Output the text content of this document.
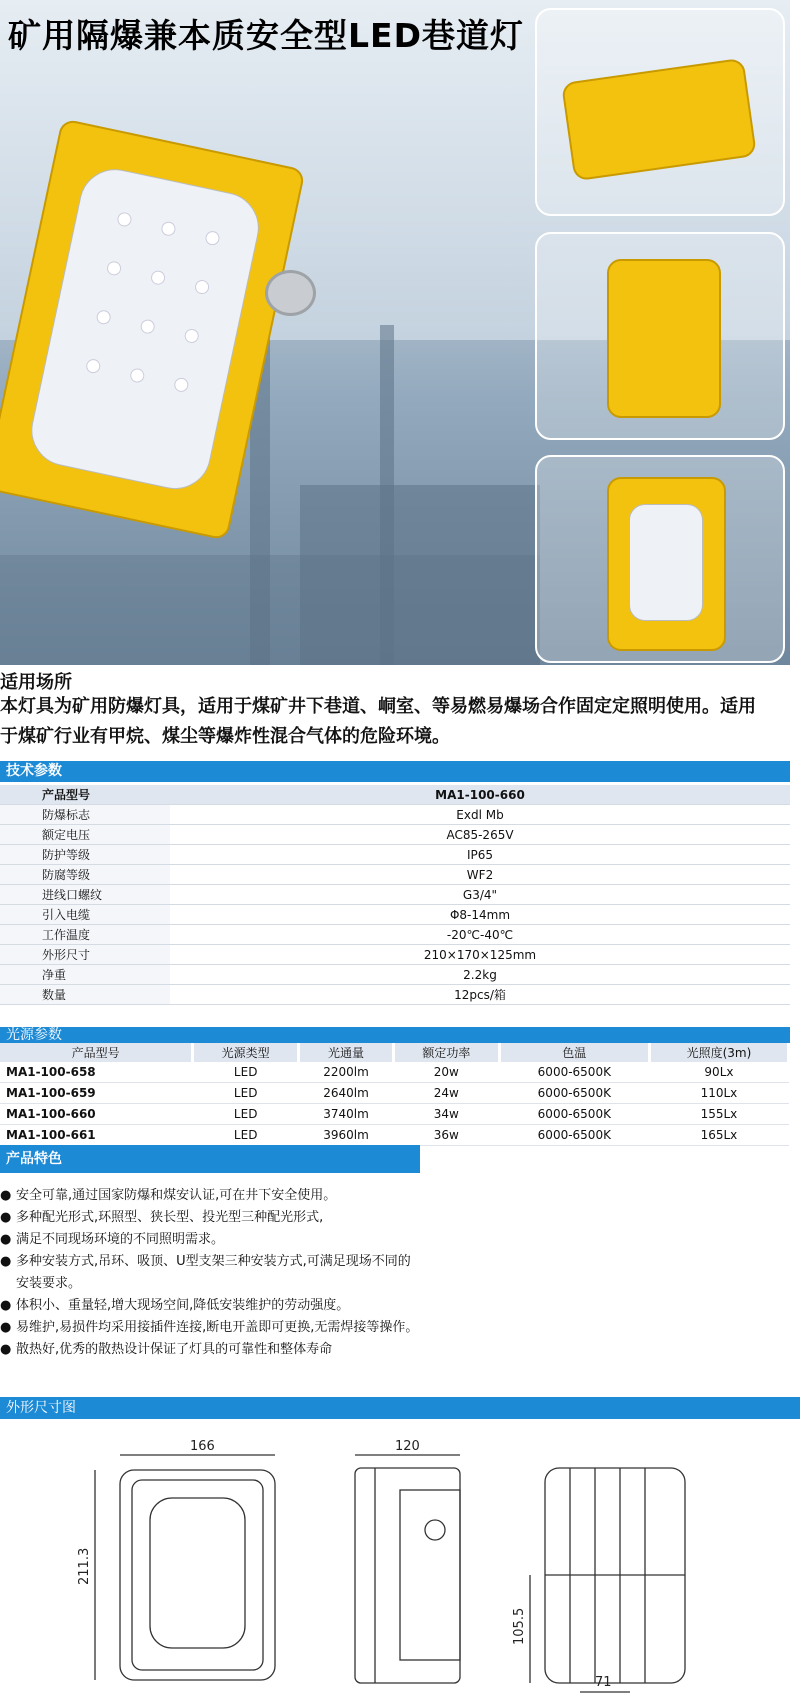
矿用隔爆兼本质安全型LED巷道灯
适用场所
本灯具为矿用防爆灯具，适用于煤矿井下巷道、峒室、等易燃易爆场合作固定定照明使用。适用于煤矿行业有甲烷、煤尘等爆炸性混合气体的危险环境。
技术参数
产品型号	MA1-100-660
防爆标志	Exdl Mb
额定电压	AC85-265V
防护等级	IP65
防腐等级	WF2
进线口螺纹	G3/4"
引入电缆	Φ8-14mm
工作温度	-20℃-40℃
外形尺寸	210×170×125mm
净重	2.2kg
数量	12pcs/箱
光源参数
产品型号	光源类型	光通量	额定功率	色温	光照度(3m)
MA1-100-658	LED	2200lm	20w	6000-6500K	90Lx
MA1-100-659	LED	2640lm	24w	6000-6500K	110Lx
MA1-100-660	LED	3740lm	34w	6000-6500K	155Lx
MA1-100-661	LED	3960lm	36w	6000-6500K	165Lx
产品特色
● 安全可靠,通过国家防爆和煤安认证,可在井下安全使用。
● 多种配光形式,环照型、狭长型、投光型三种配光形式,
● 满足不同现场环境的不同照明需求。
● 多种安装方式,吊环、吸顶、U型支架三种安装方式,可满足现场不同的安装要求。
● 体积小、重量轻,增大现场空间,降低安装维护的劳动强度。
● 易维护,易损件均采用接插件连接,断电开盖即可更换,无需焊接等操作。
● 散热好,优秀的散热设计保证了灯具的可靠性和整体寿命
外形尺寸图
166
211.3
120
105.5
71
